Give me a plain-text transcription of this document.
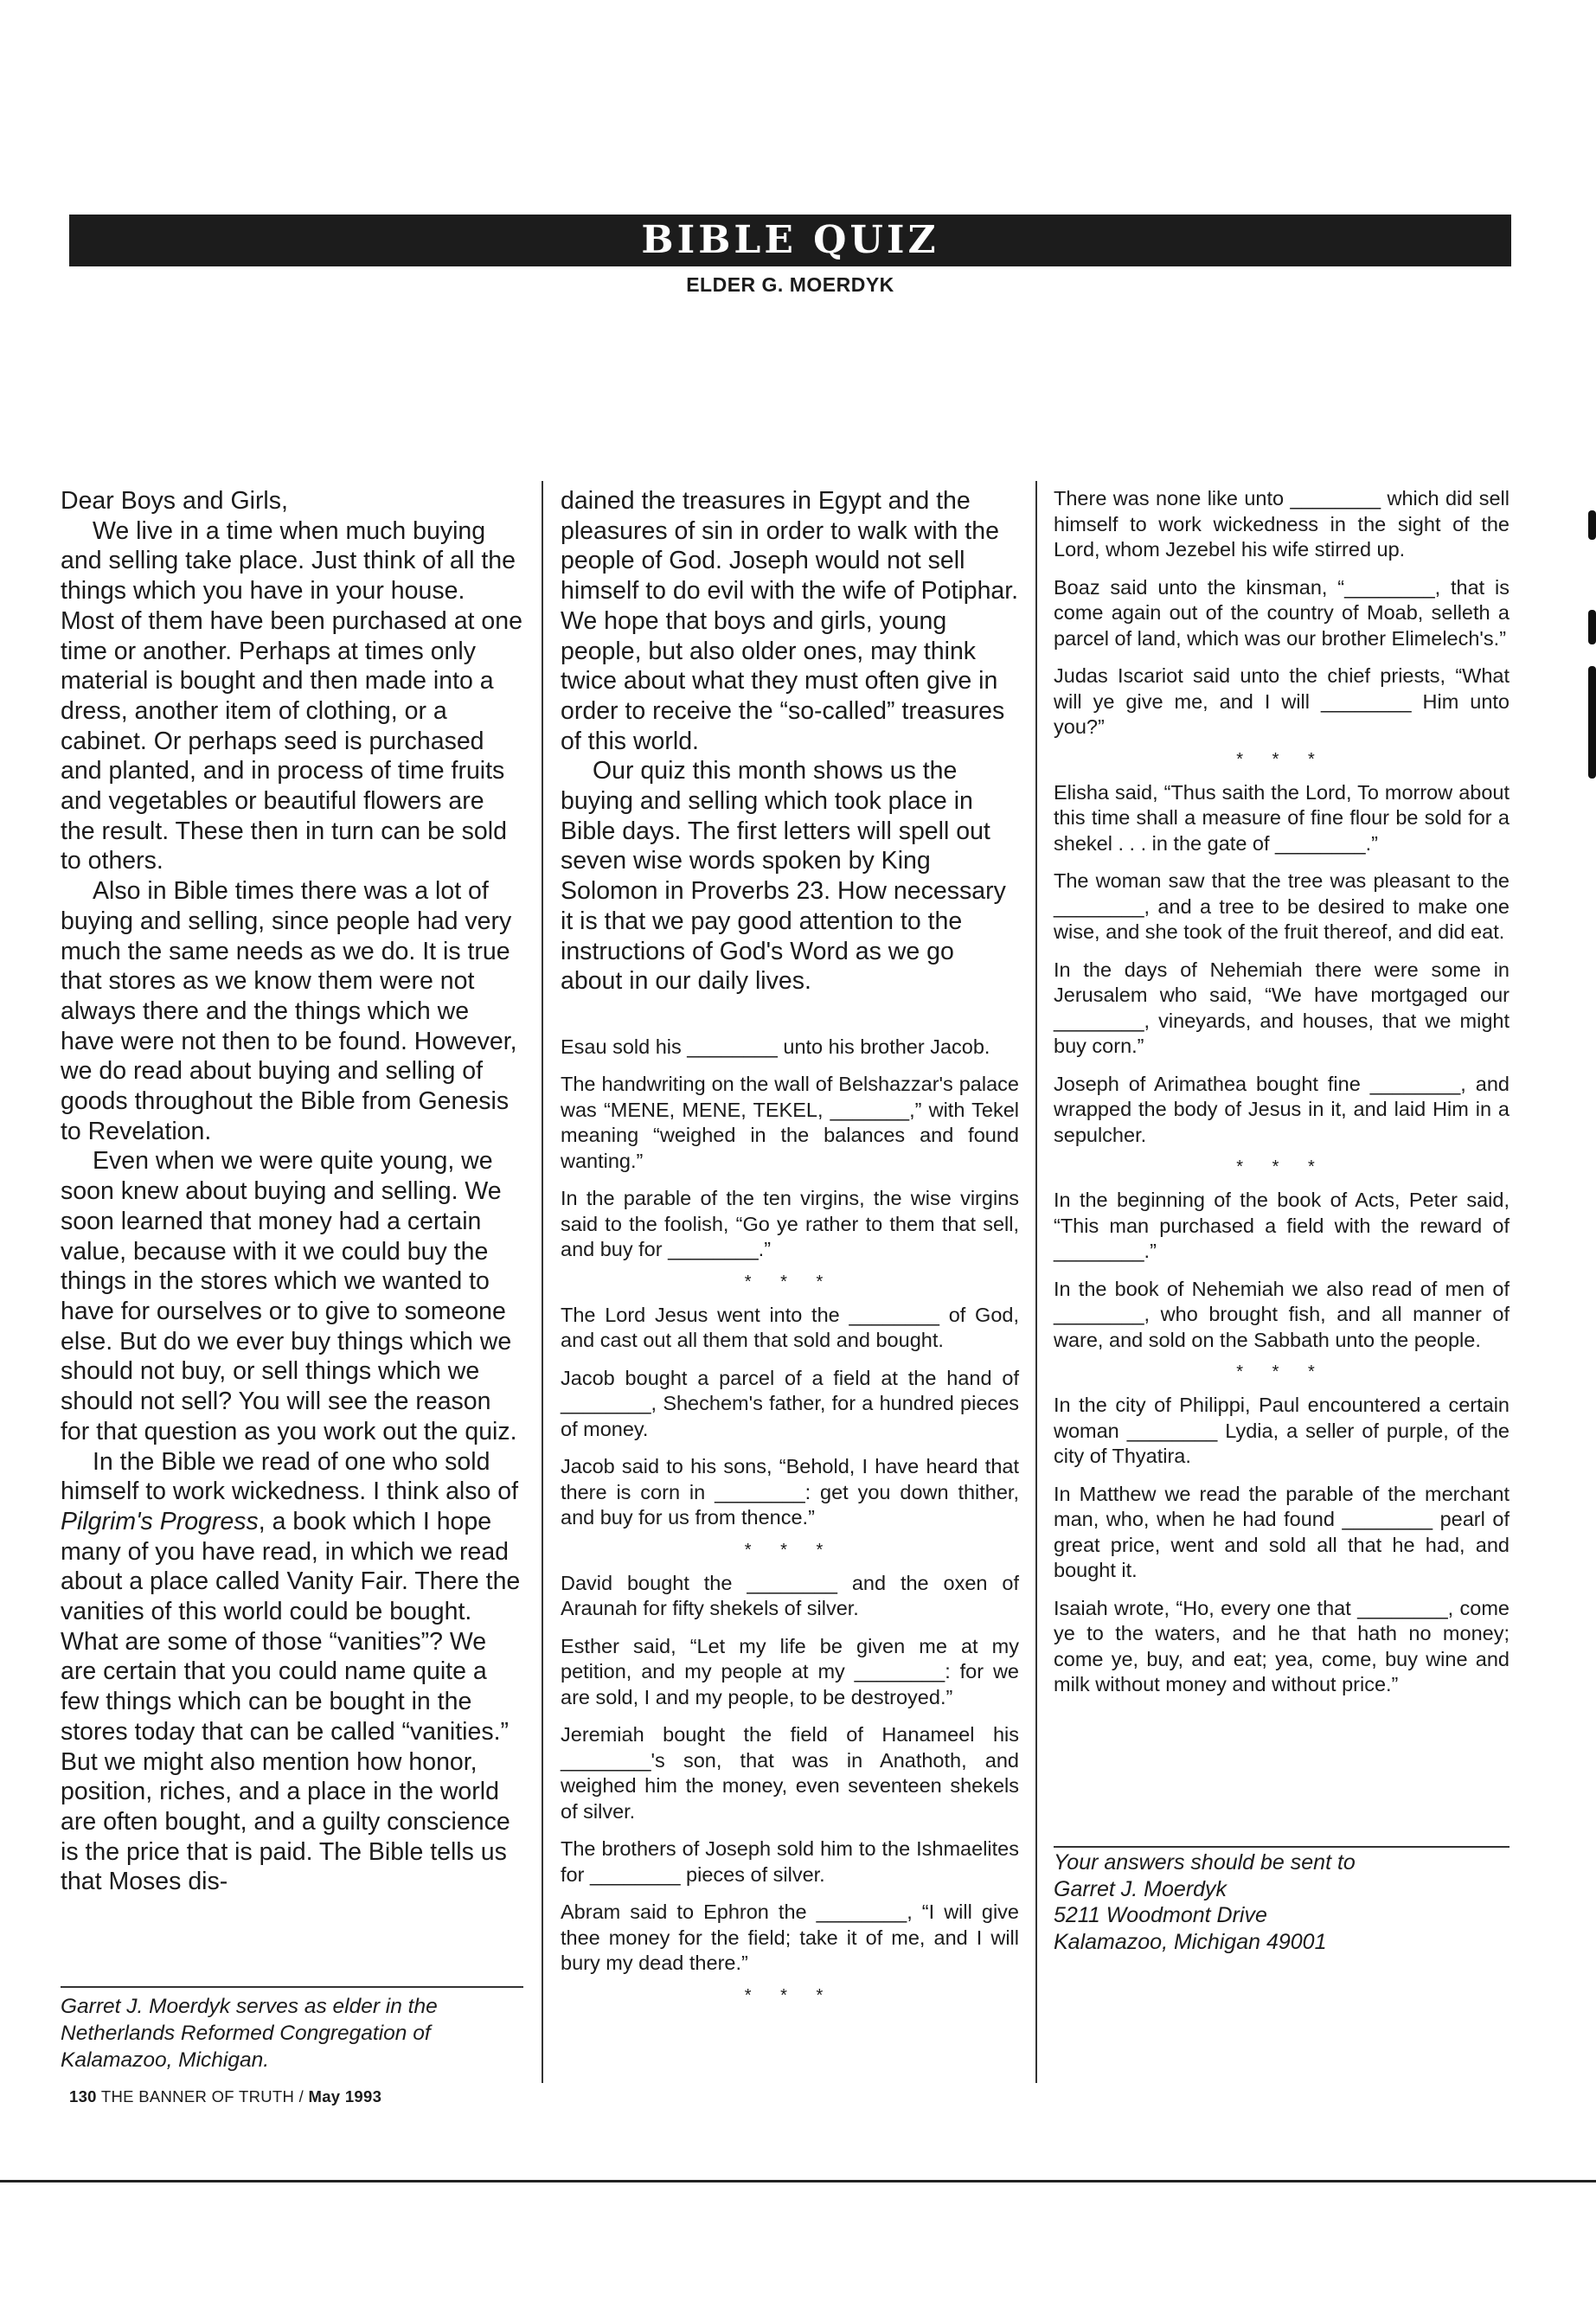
BIBLE QUIZ
ELDER G. MOERDYK

Dear Boys and Girls,

We live in a time when much buying and selling take place. Just think of all the things which you have in your house. Most of them have been purchased at one time or another. Perhaps at times only material is bought and then made into a dress, another item of clothing, or a cabinet. Or perhaps seed is purchased and planted, and in process of time fruits and vegetables or beautiful flowers are the result. These then in turn can be sold to others.

Also in Bible times there was a lot of buying and selling, since people had very much the same needs as we do. It is true that stores as we know them were not always there and the things which we have were not then to be found. However, we do read about buying and selling of goods throughout the Bible from Genesis to Revelation.

Even when we were quite young, we soon knew about buying and selling. We soon learned that money had a certain value, because with it we could buy the things in the stores which we wanted to have for ourselves or to give to someone else. But do we ever buy things which we should not buy, or sell things which we should not sell? You will see the reason for that question as you work out the quiz.

In the Bible we read of one who sold himself to work wickedness. I think also of Pilgrim's Progress, a book which I hope many of you have read, in which we read about a place called Vanity Fair. There the vanities of this world could be bought. What are some of those “vanities”? We are certain that you could name quite a few things which can be bought in the stores today that can be called “vanities.” But we might also mention how honor, position, riches, and a place in the world are often bought, and a guilty conscience is the price that is paid. The Bible tells us that Moses dis-

Garret J. Moerdyk serves as elder in the Netherlands Reformed Congregation of Kalamazoo, Michigan.

dained the treasures in Egypt and the pleasures of sin in order to walk with the people of God. Joseph would not sell himself to do evil with the wife of Potiphar. We hope that boys and girls, young people, but also older ones, may think twice about what they must often give in order to receive the “so-called” treasures of this world.

Our quiz this month shows us the buying and selling which took place in Bible days. The first letters will spell out seven wise words spoken by King Solomon in Proverbs 23. How necessary it is that we pay good attention to the instructions of God's Word as we go about in our daily lives.

Esau sold his ________ unto his brother Jacob.
The handwriting on the wall of Belshazzar's palace was “MENE, MENE, TEKEL, _______,” with Tekel meaning “weighed in the balances and found wanting.”
In the parable of the ten virgins, the wise virgins said to the foolish, “Go ye rather to them that sell, and buy for ________.”
* * *
The Lord Jesus went into the ________ of God, and cast out all them that sold and bought.
Jacob bought a parcel of a field at the hand of ________, Shechem's father, for a hundred pieces of money.
Jacob said to his sons, “Behold, I have heard that there is corn in ________: get you down thither, and buy for us from thence.”
* * *
David bought the ________ and the oxen of Araunah for fifty shekels of silver.
Esther said, “Let my life be given me at my petition, and my people at my ________: for we are sold, I and my people, to be destroyed.”
Jeremiah bought the field of Hanameel his ________'s son, that was in Anathoth, and weighed him the money, even seventeen shekels of silver.
The brothers of Joseph sold him to the Ishmaelites for ________ pieces of silver.
Abram said to Ephron the ________, “I will give thee money for the field; take it of me, and I will bury my dead there.”
* * *
There was none like unto ________ which did sell himself to work wickedness in the sight of the Lord, whom Jezebel his wife stirred up.
Boaz said unto the kinsman, “________, that is come again out of the country of Moab, selleth a parcel of land, which was our brother Elimelech's.”
Judas Iscariot said unto the chief priests, “What will ye give me, and I will ________ Him unto you?”
* * *
Elisha said, “Thus saith the Lord, To morrow about this time shall a measure of fine flour be sold for a shekel . . . in the gate of ________.”
The woman saw that the tree was pleasant to the ________, and a tree to be desired to make one wise, and she took of the fruit thereof, and did eat.
In the days of Nehemiah there were some in Jerusalem who said, “We have mortgaged our ________, vineyards, and houses, that we might buy corn.”
Joseph of Arimathea bought fine ________, and wrapped the body of Jesus in it, and laid Him in a sepulcher.
* * *
In the beginning of the book of Acts, Peter said, “This man purchased a field with the reward of ________.”
In the book of Nehemiah we also read of men of ________, who brought fish, and all manner of ware, and sold on the Sabbath unto the people.
* * *
In the city of Philippi, Paul encountered a certain woman ________ Lydia, a seller of purple, of the city of Thyatira.
In Matthew we read the parable of the merchant man, who, when he had found ________ pearl of great price, went and sold all that he had, and bought it.
Isaiah wrote, “Ho, every one that ________, come ye to the waters, and he that hath no money; come ye, buy, and eat; yea, come, buy wine and milk without money and without price.”
Your answers should be sent to
Garret J. Moerdyk
5211 Woodmont Drive
Kalamazoo, Michigan 49001
130 THE BANNER OF TRUTH / May 1993
